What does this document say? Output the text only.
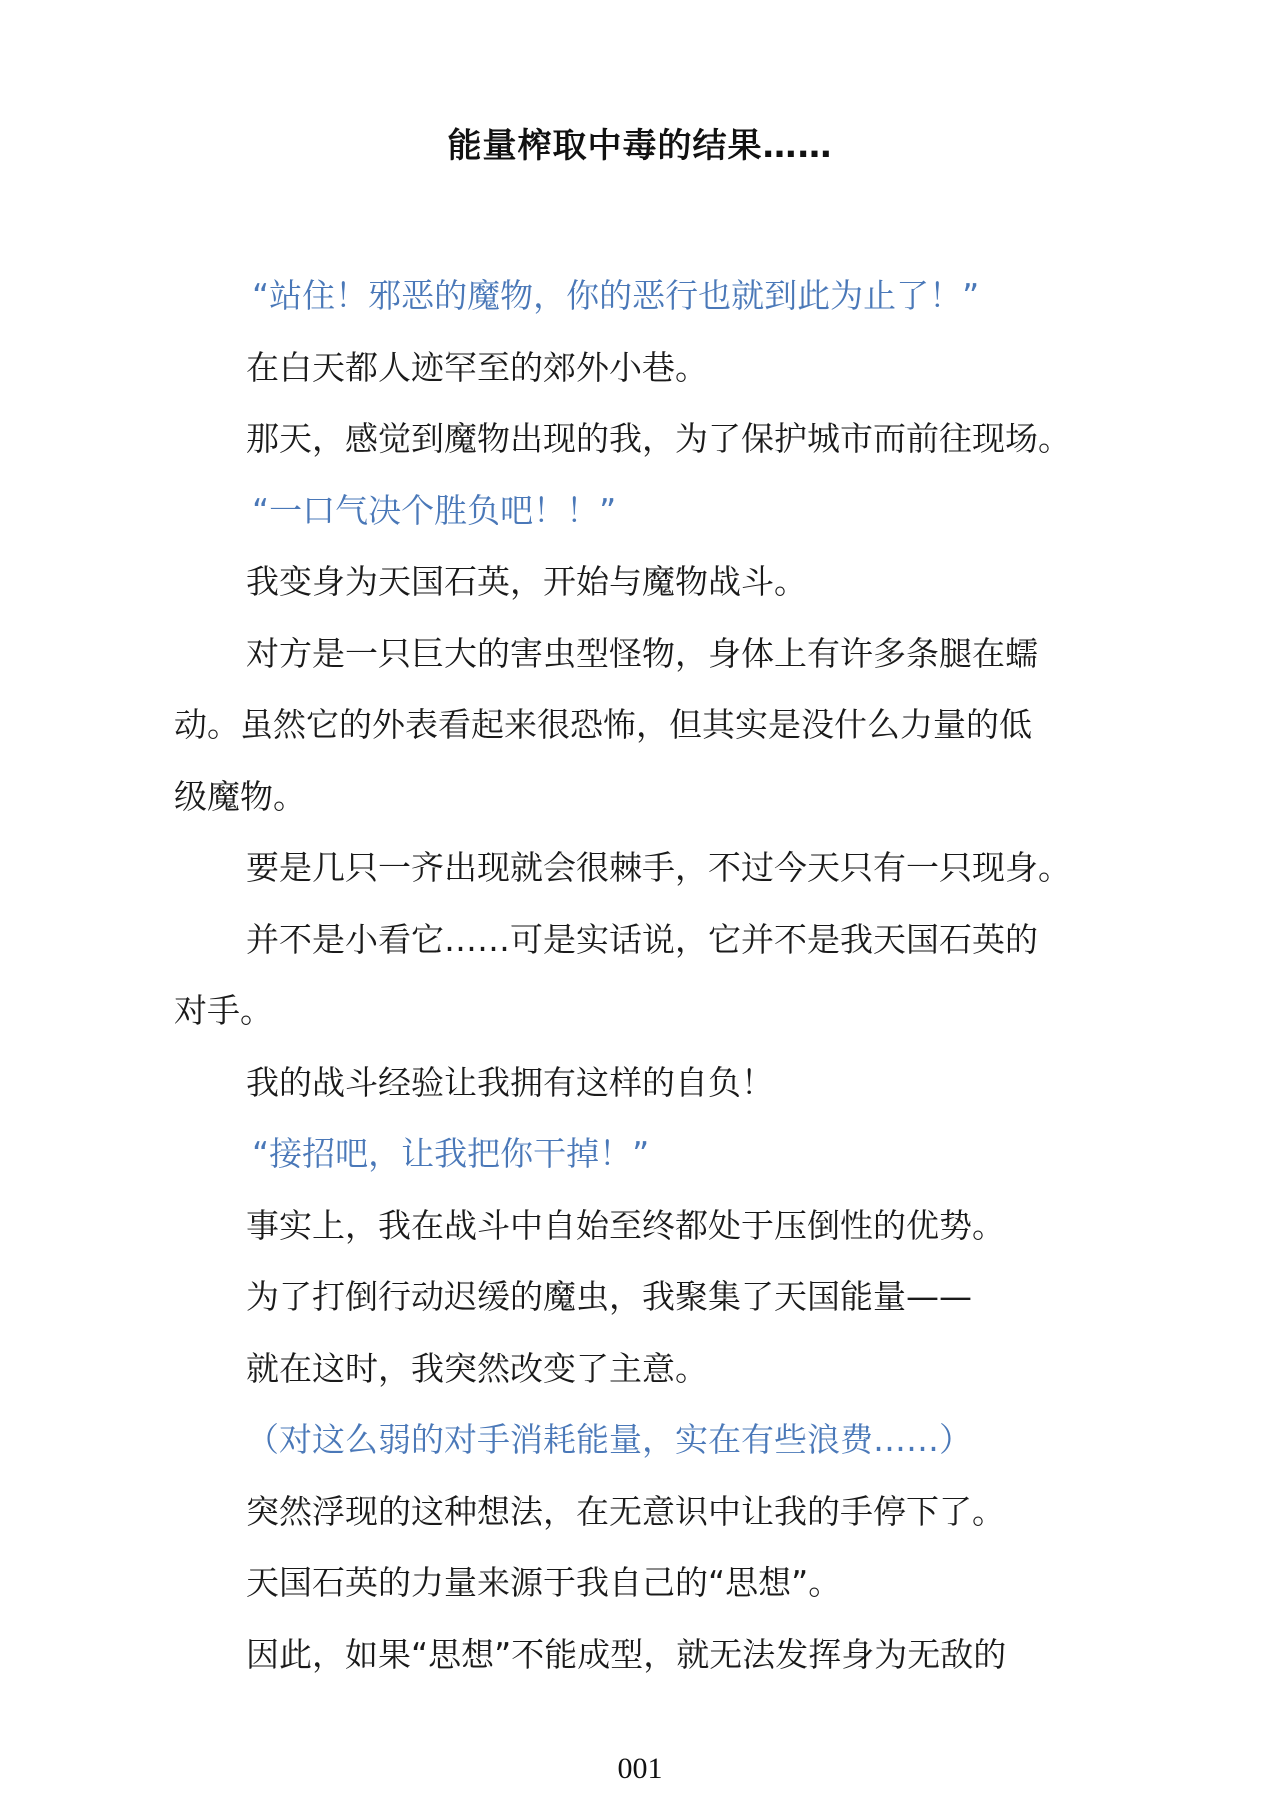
能量榨取中毒的结果……
“站住！邪恶的魔物，你的恶行也就到此为止了！”
在白天都人迹罕至的郊外小巷。
那天，感觉到魔物出现的我，为了保护城市而前往现场。
“一口气决个胜负吧！！”
我变身为天国石英，开始与魔物战斗。
对方是一只巨大的害虫型怪物，身体上有许多条腿在蠕
动。虽然它的外表看起来很恐怖，但其实是没什么力量的低
级魔物。
要是几只一齐出现就会很棘手，不过今天只有一只现身。
并不是小看它……可是实话说，它并不是我天国石英的
对手。
我的战斗经验让我拥有这样的自负！
“接招吧，让我把你干掉！”
事实上，我在战斗中自始至终都处于压倒性的优势。
为了打倒行动迟缓的魔虫，我聚集了天国能量——
就在这时，我突然改变了主意。
（对这么弱的对手消耗能量，实在有些浪费……）
突然浮现的这种想法，在无意识中让我的手停下了。
天国石英的力量来源于我自己的“思想”。
因此，如果“思想”不能成型，就无法发挥身为无敌的
001
